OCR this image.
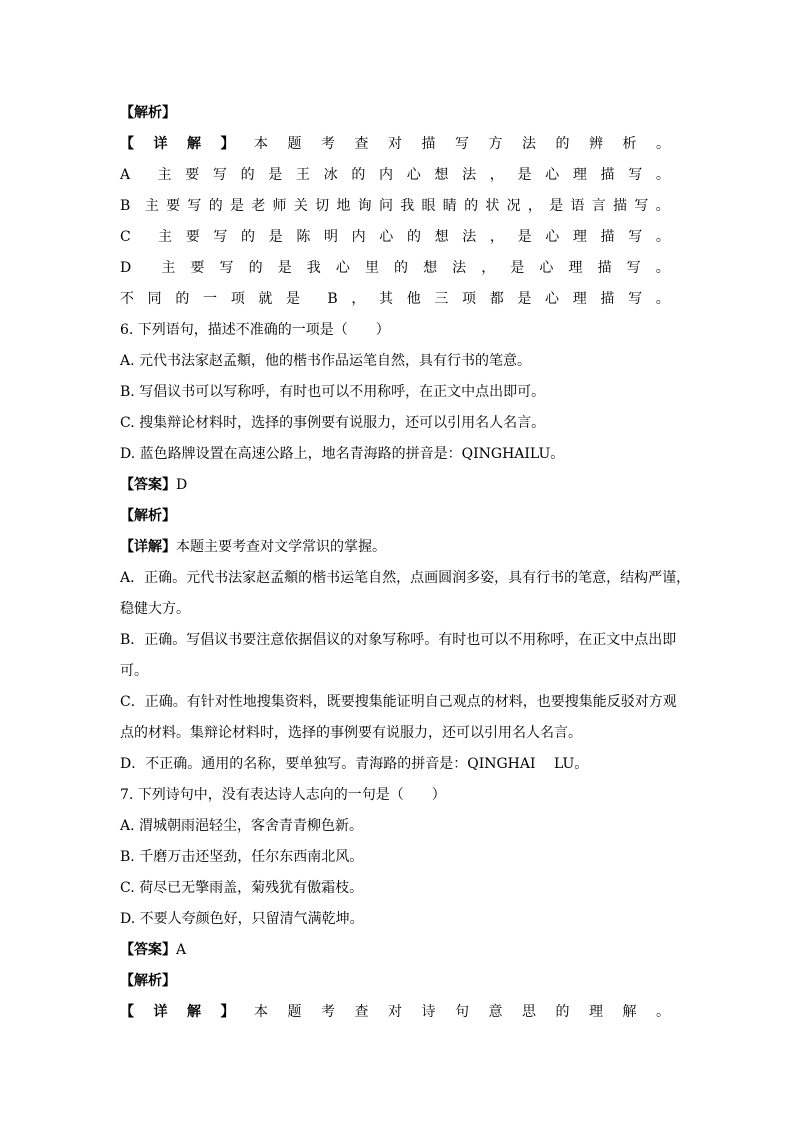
【解析】
【 详 解 】 本 题 考 查 对 描 写 方 法 的 辨 析 。
A 主 要 写 的 是 王 冰 的 内 心 想 法 ， 是 心 理 描 写 。
B 主 要 写 的 是 老 师 关 切 地 询 问 我 眼 睛 的 状 况 ， 是 语 言 描 写 。
C 主 要 写 的 是 陈 明 内 心 的 想 法 ， 是 心 理 描 写 。
D 主 要 写 的 是 我 心 里 的 想 法 ， 是 心 理 描 写 。
不 同 的 一 项 就 是 B ， 其 他 三 项 都 是 心 理 描 写 。
6. 下列语句，描述不准确的一项是（　　）
A. 元代书法家赵孟頫，他的楷书作品运笔自然，具有行书的笔意。
B. 写倡议书可以写称呼，有时也可以不用称呼，在正文中点出即可。
C. 搜集辩论材料时，选择的事例要有说服力，还可以引用名人名言。
D. 蓝色路牌设置在高速公路上，地名青海路的拼音是：QINGHAILU。
【答案】D
【解析】
【详解】本题主要考查对文学常识的掌握。
A ． 正 确 。 元 代 书 法 家 赵 孟 頫 的 楷 书 运 笔 自 然 ， 点 画 圆 润 多 姿 ， 具 有 行 书 的 笔 意 ， 结 构 严 谨 ，
稳健大方。
B ． 正 确 。 写 倡 议 书 要 注 意 依 据 倡 议 的 对 象 写 称 呼 。 有 时 也 可 以 不 用 称 呼 ， 在 正 文 中 点 出 即
可。
C ． 正 确 。 有 针 对 性 地 搜 集 资 料 ， 既 要 搜 集 能 证 明 自 己 观 点 的 材 料 ， 也 要 搜 集 能 反 驳 对 方 观
点的材料。集辩论材料时，选择的事例要有说服力，还可以引用名人名言。
D．不正确。通用的名称，要单独写。青海路的拼音是：QINGHAI　 LU。
7. 下列诗句中，没有表达诗人志向的一句是（　　）
A. 渭城朝雨浥轻尘，客舍青青柳色新。
B. 千磨万击还坚劲，任尔东西南北风。
C. 荷尽已无擎雨盖，菊残犹有傲霜枝。
D. 不要人夸颜色好，只留清气满乾坤。
【答案】A
【解析】
【 详 解 】 本 题 考 查 对 诗 句 意 思 的 理 解 。
